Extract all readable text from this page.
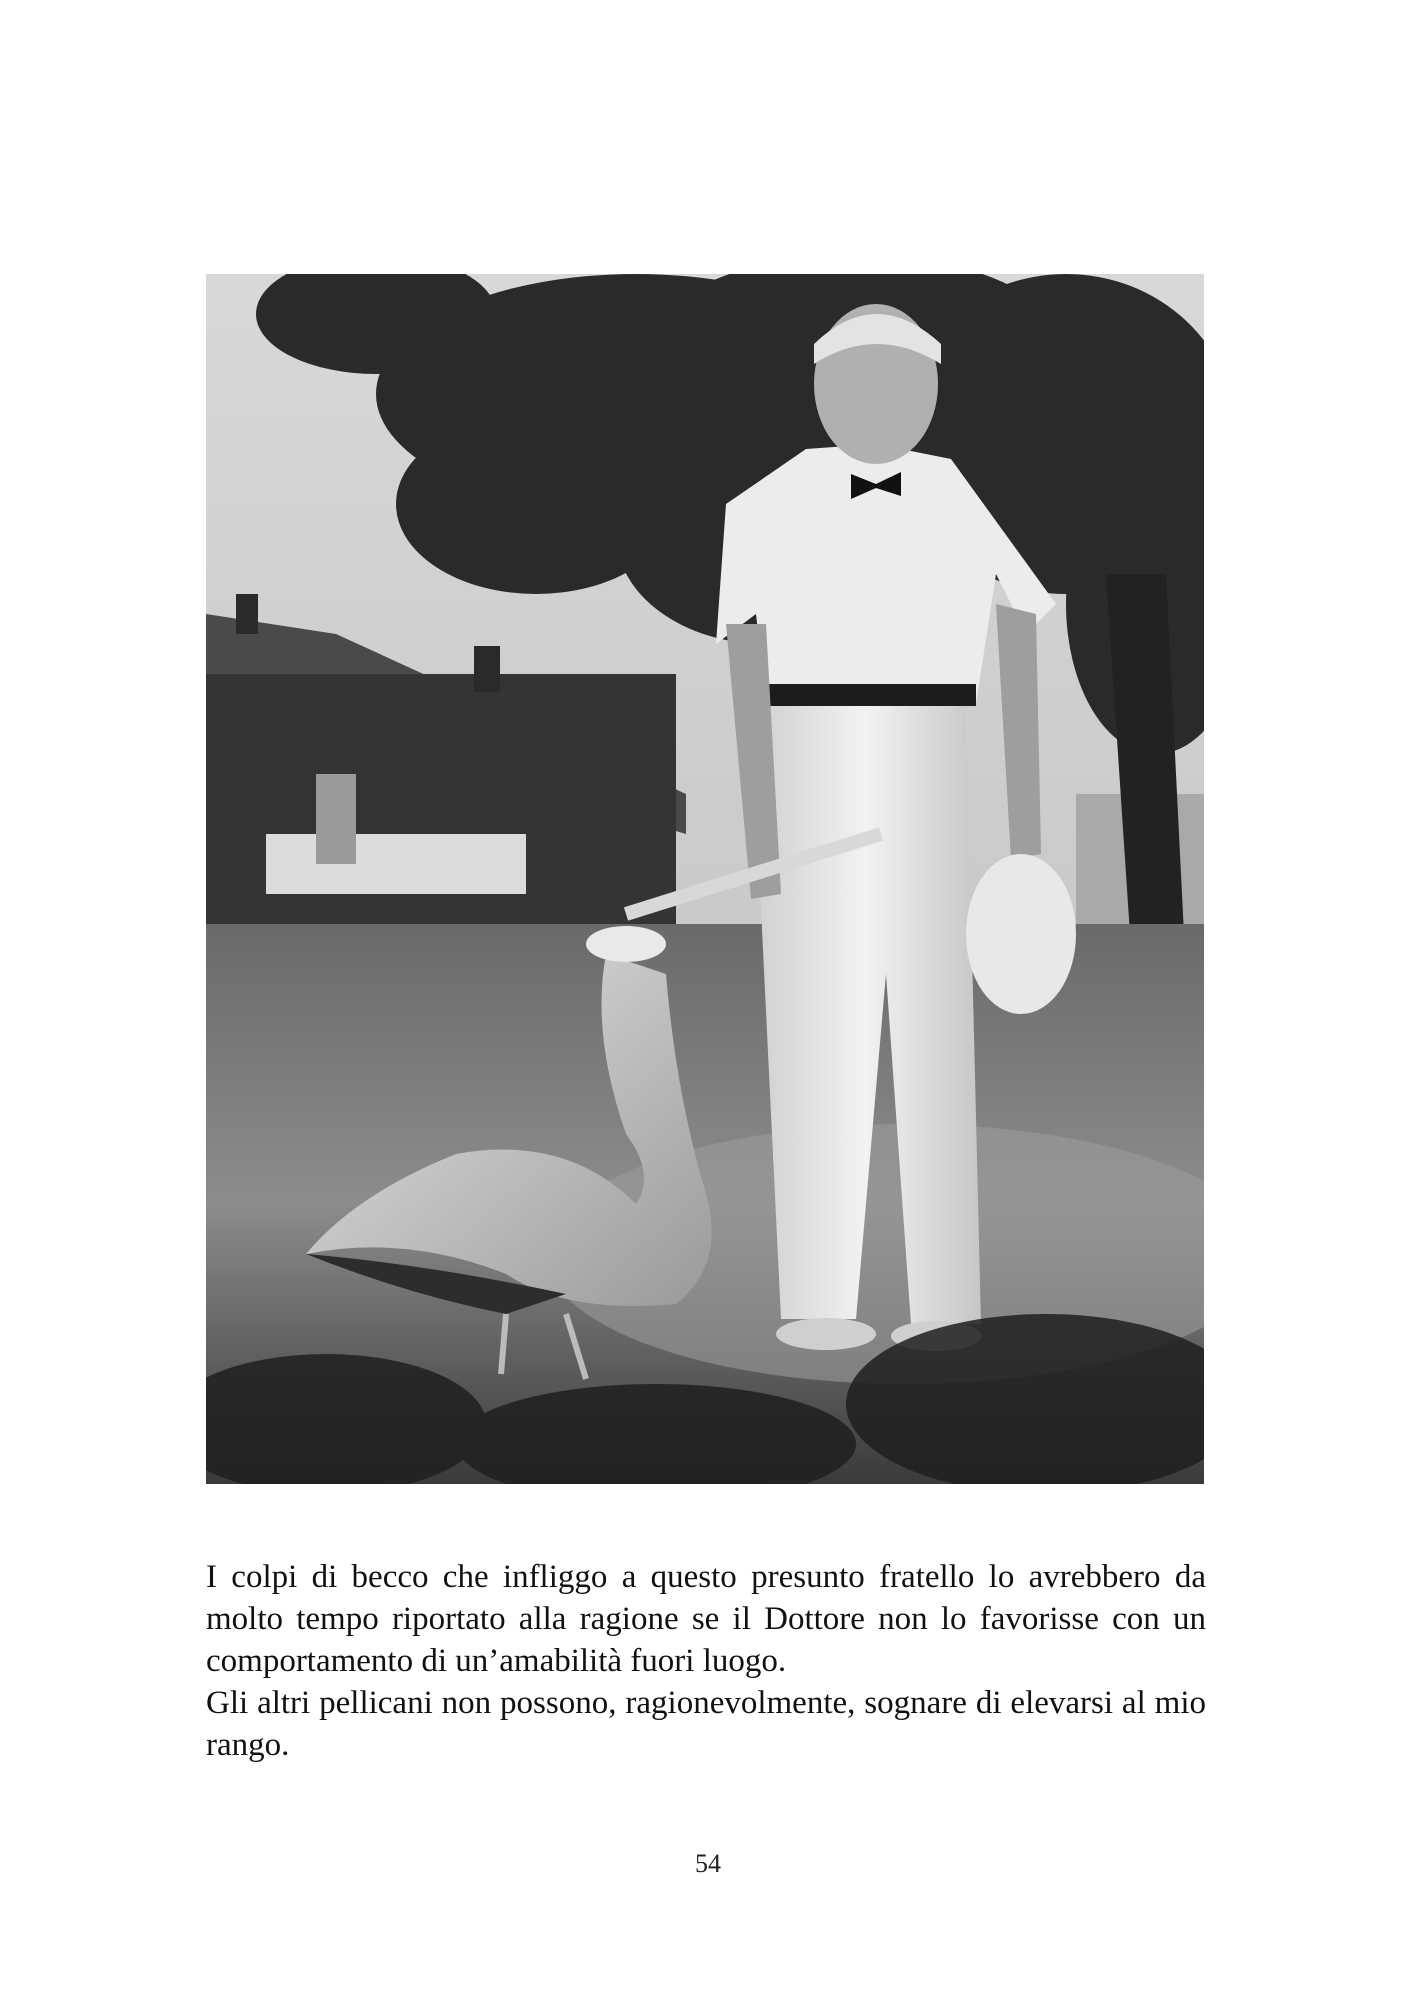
I colpi di becco che infliggo a questo presunto fratello lo avrebbero da molto tempo riportato alla ragione se il Dottore non lo favorisse con un comportamento di un’amabilità fuori luogo.

Gli altri pellicani non possono, ragionevolmente, sognare di elevarsi al mio rango.

54
